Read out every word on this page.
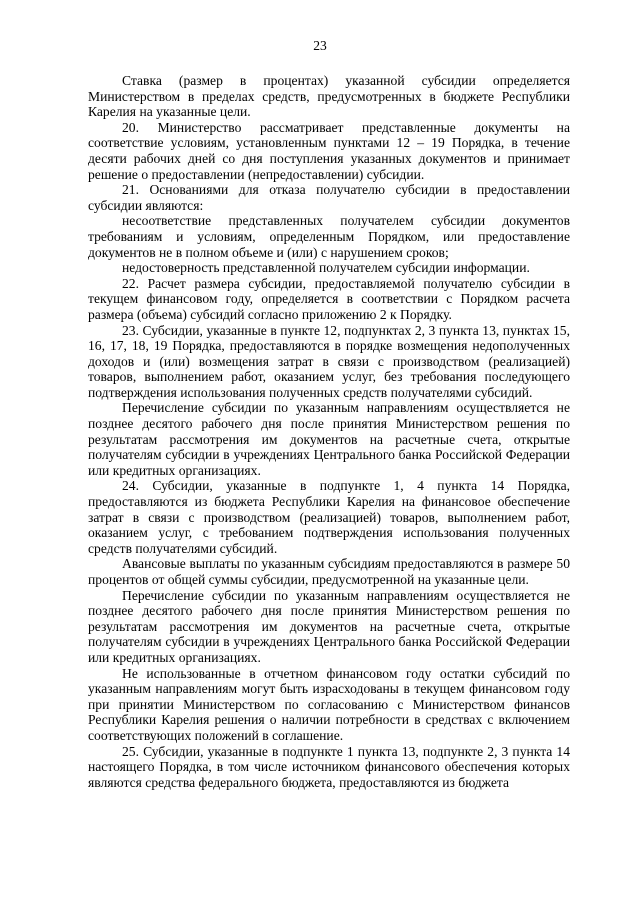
23

Ставка (размер в процентах) указанной субсидии определяется Министерством в пределах средств, предусмотренных в бюджете Республики Карелия на указанные цели.

20. Министерство рассматривает представленные документы на соответствие условиям, установленным пунктами 12 – 19 Порядка, в течение десяти рабочих дней со дня поступления указанных документов и принимает решение о предоставлении (непредоставлении) субсидии.

21. Основаниями для отказа получателю субсидии в предоставлении субсидии являются:

несоответствие представленных получателем субсидии документов требованиям и условиям, определенным Порядком, или предоставление документов не в полном объеме и (или) с нарушением сроков;

недостоверность представленной получателем субсидии информации.

22. Расчет размера субсидии, предоставляемой получателю субсидии в текущем финансовом году, определяется в соответствии с Порядком расчета размера (объема) субсидий согласно приложению 2 к Порядку.

23. Субсидии, указанные в пункте 12, подпунктах 2, 3 пункта 13, пунктах 15, 16, 17, 18, 19 Порядка, предоставляются в порядке возмещения недополученных доходов и (или) возмещения затрат в связи с производством (реализацией) товаров, выполнением работ, оказанием услуг, без требования последующего подтверждения использования полученных средств получателями субсидий.

Перечисление субсидии по указанным направлениям осуществляется не позднее десятого рабочего дня после принятия Министерством решения по результатам рассмотрения им документов на расчетные счета, открытые получателям субсидии в учреждениях Центрального банка Российской Федерации или кредитных организациях.

24. Субсидии, указанные в подпункте 1, 4 пункта 14 Порядка, предоставляются из бюджета Республики Карелия на финансовое обеспечение затрат в связи с производством (реализацией) товаров, выполнением работ, оказанием услуг, с требованием подтверждения использования полученных средств получателями субсидий.

Авансовые выплаты по указанным субсидиям предоставляются в размере 50 процентов от общей суммы субсидии, предусмотренной на указанные цели.

Перечисление субсидии по указанным направлениям осуществляется не позднее десятого рабочего дня после принятия Министерством решения по результатам рассмотрения им документов на расчетные счета, открытые получателям субсидии в учреждениях Центрального банка Российской Федерации или кредитных организациях.

Не использованные в отчетном финансовом году остатки субсидий по указанным направлениям могут быть израсходованы в текущем финансовом году при принятии Министерством по согласованию с Министерством финансов Республики Карелия решения о наличии потребности в средствах с включением соответствующих положений в соглашение.

25. Субсидии, указанные в подпункте 1 пункта 13, подпункте 2, 3 пункта 14 настоящего Порядка, в том числе источником финансового обеспечения которых являются средства федерального бюджета, предоставляются из бюджета
